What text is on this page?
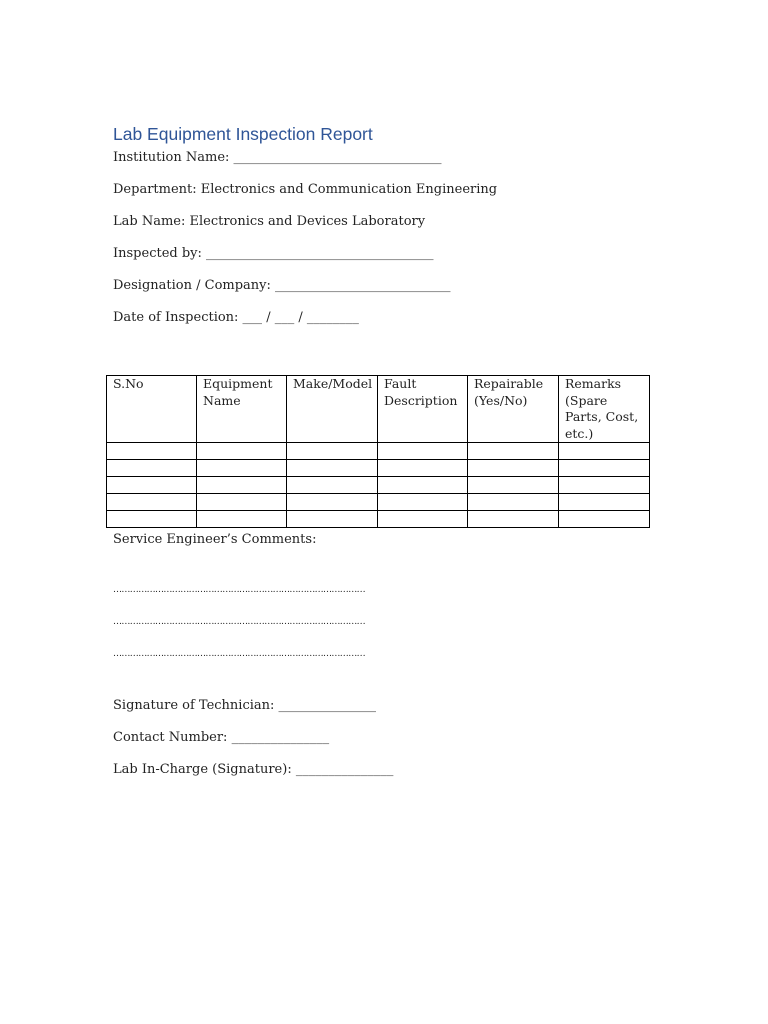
Lab Equipment Inspection Report
Institution Name: ________________________________
Department: Electronics and Communication Engineering
Lab Name: Electronics and Devices Laboratory
Inspected by: ___________________________________
Designation / Company: ___________________________
Date of Inspection: ___ / ___ / ________
S.No	Equipment Name	Make/Model	Fault Description	Repairable (Yes/No)	Remarks (Spare Parts, Cost, etc.)

Service Engineer’s Comments:
………………………………………………………………………………
………………………………………………………………………………
………………………………………………………………………………
Signature of Technician: _______________
Contact Number: _______________
Lab In-Charge (Signature): _______________
